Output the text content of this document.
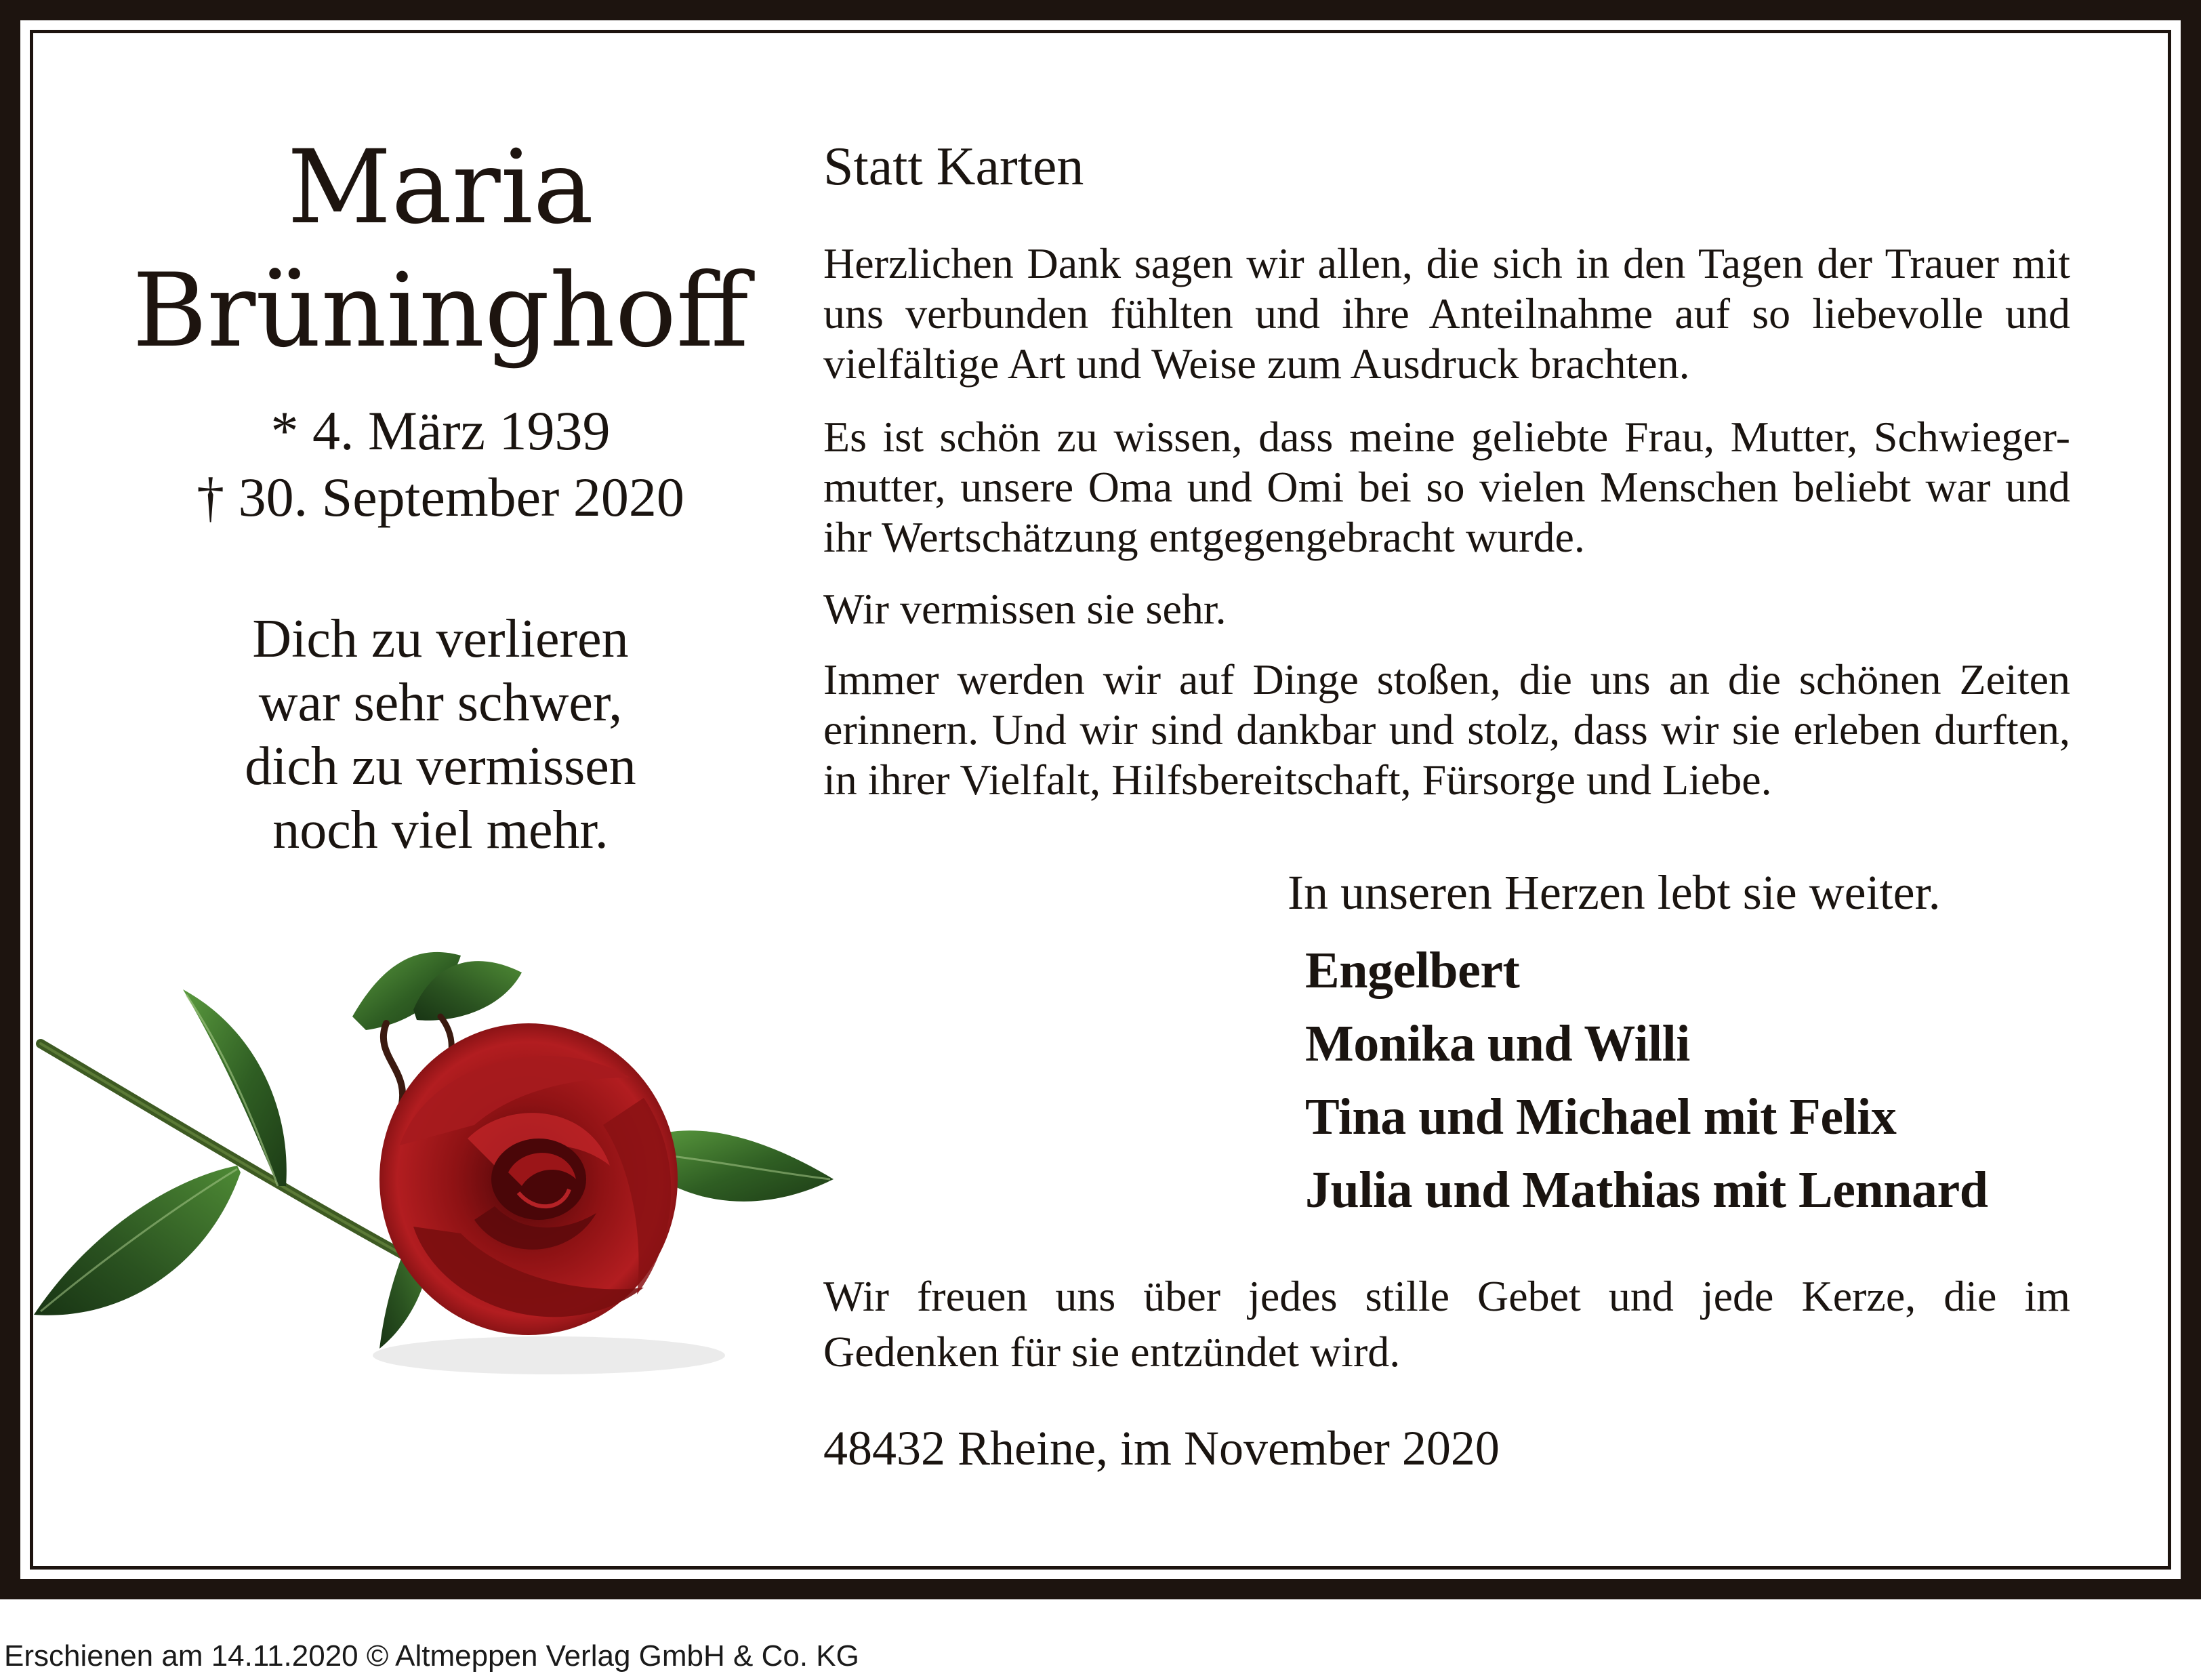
Maria
Brüninghoff
* 4. März 1939
† 30. September 2020
Dich zu verlieren
war sehr schwer,
dich zu vermissen
noch viel mehr.
Statt Karten
Herzlichen Dank sagen wir allen, die sich in den Tagen der Trauer mit uns verbunden fühlten und ihre Anteilnahme auf so liebevolle und vielfältige Art und Weise zum Ausdruck brachten.
Es ist schön zu wissen, dass meine geliebte Frau, Mutter, Schwieger-mutter, unsere Oma und Omi bei so vielen Menschen beliebt war und ihr Wertschätzung entgegengebracht wurde.
Wir vermissen sie sehr.
Immer werden wir auf Dinge stoßen, die uns an die schönen Zeiten erinnern. Und wir sind dankbar und stolz, dass wir sie erleben durften, in ihrer Vielfalt, Hilfsbereitschaft, Fürsorge und Liebe.
In unseren Herzen lebt sie weiter.
Engelbert
Monika und Willi
Tina und Michael mit Felix
Julia und Mathias mit Lennard
Wir freuen uns über jedes stille Gebet und jede Kerze, die im Gedenken für sie entzündet wird.
48432 Rheine, im November 2020
Erschienen am 14.11.2020 © Altmeppen Verlag GmbH & Co. KG
